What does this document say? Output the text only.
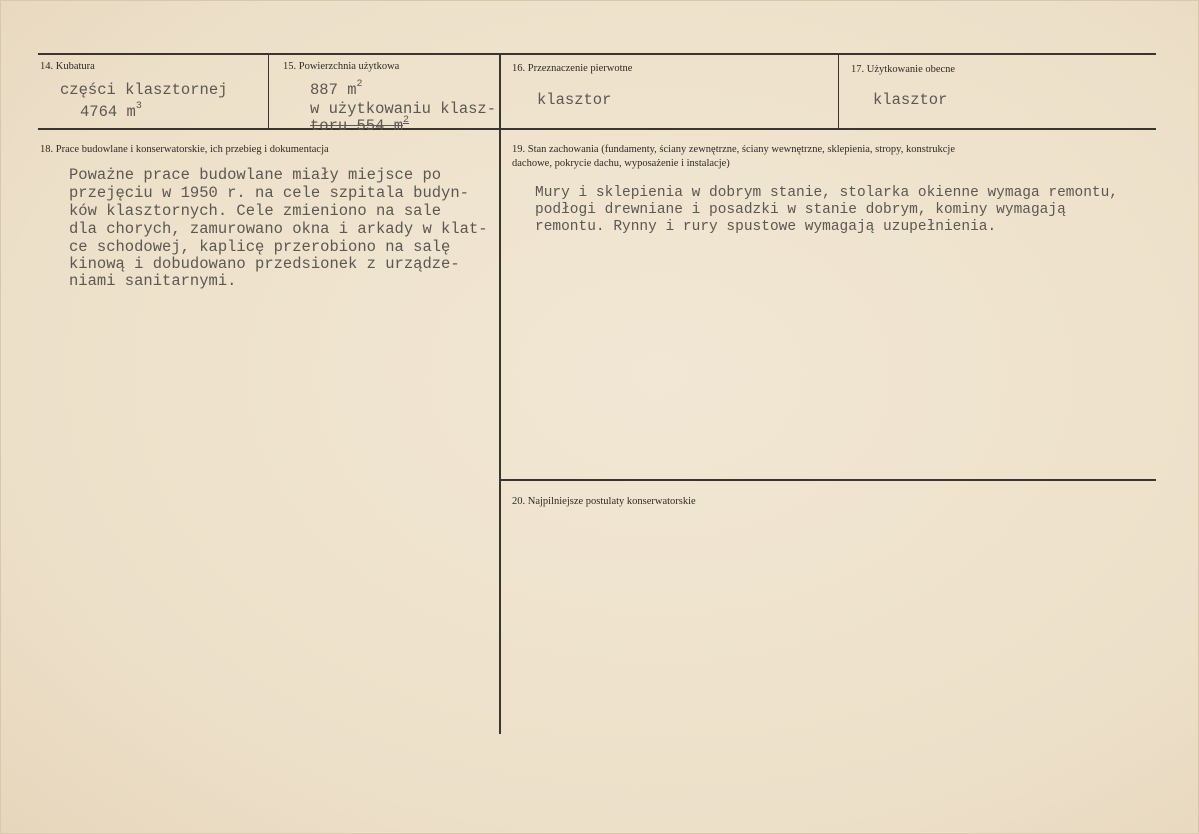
14. Kubatura
części klasztornej
4764 $m^3$
15. Powierzchnia użytkowa
887 $m^2$
w użytkowaniu klasz-
toru 554 $m^2$
16. Przeznaczenie pierwotne
klasztor
17. Użytkowanie obecne
klasztor
18. Prace budowlane i konserwatorskie, ich przebieg i dokumentacja
Poważne prace budowlane miały miejsce po
przejęciu w 1950 r. na cele szpitala budyn-
ków klasztornych. Cele zmieniono na sale
dla chorych, zamurowano okna i arkady w klat-
ce schodowej, kaplicę przerobiono na salę
kinową i dobudowano przedsionek z urządze-
niami sanitarnymi.
19. Stan zachowania (fundamenty, ściany zewnętrzne, ściany wewnętrzne, sklepienia, stropy, konstrukcje
dachowe, pokrycie dachu, wyposażenie i instalacje)
Mury i sklepienia w dobrym stanie, stolarka okienne wymaga remontu,
podłogi drewniane i posadzki w stanie dobrym, kominy wymagają
remontu. Rynny i rury spustowe wymagają uzupełnienia.
20. Najpilniejsze postulaty konserwatorskie
